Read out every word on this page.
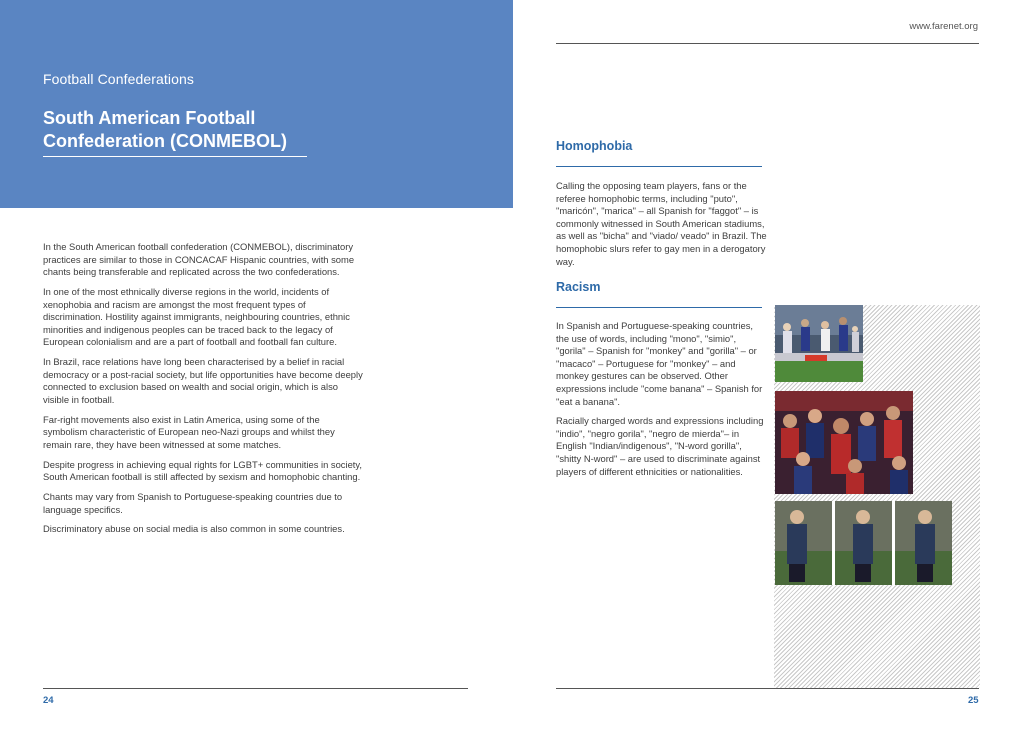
Football Confederations
South American Football
Confederation (CONMEBOL)

In the South American football confederation (CONMEBOL), discriminatory practices are similar to those in CONCACAF Hispanic countries, with some chants being transferable and replicated across the two confederations.

In one of the most ethnically diverse regions in the world, incidents of xenophobia and racism are amongst the most frequent types of discrimination. Hostility against immigrants, neighbouring countries, ethnic minorities and indigenous peoples can be traced back to the legacy of European colonialism and are a part of football and football fan culture.

In Brazil, race relations have long been characterised by a belief in racial democracy or a post-racial society, but life opportunities have become deeply connected to exclusion based on wealth and social origin, which is also visible in football.

Far-right movements also exist in Latin America, using some of the symbolism characteristic of European neo-Nazi groups and whilst they remain rare, they have been witnessed at some matches.

Despite progress in achieving equal rights for LGBT+ communities in society, South American football is still affected by sexism and homophobic chanting.

Chants may vary from Spanish to Portuguese-speaking countries due to language specifics.

Discriminatory abuse on social media is also common in some countries.

24
www.farenet.org
Homophobia

Calling the opposing team players, fans or the referee homophobic terms, including "puto", "maricón", "marica" – all Spanish for "faggot" – is commonly witnessed in South American stadiums, as well as "bicha" and "viado/ veado" in Brazil. The homophobic slurs refer to gay men in a derogatory way.

Racism

In Spanish and Portuguese-speaking countries, the use of words, including "mono", "simio", "gorila" – Spanish for "monkey" and "gorilla" – or "macaco" – Portuguese for "monkey" – and monkey gestures can be observed. Other expressions include "come banana" – Spanish for "eat a banana".

Racially charged words and expressions including "indio", "negro gorila", "negro de mierda"– in English "Indian/indigenous", "N-word gorilla", "shitty N-word" – are used to discriminate against players of different ethnicities or nationalities.

25
